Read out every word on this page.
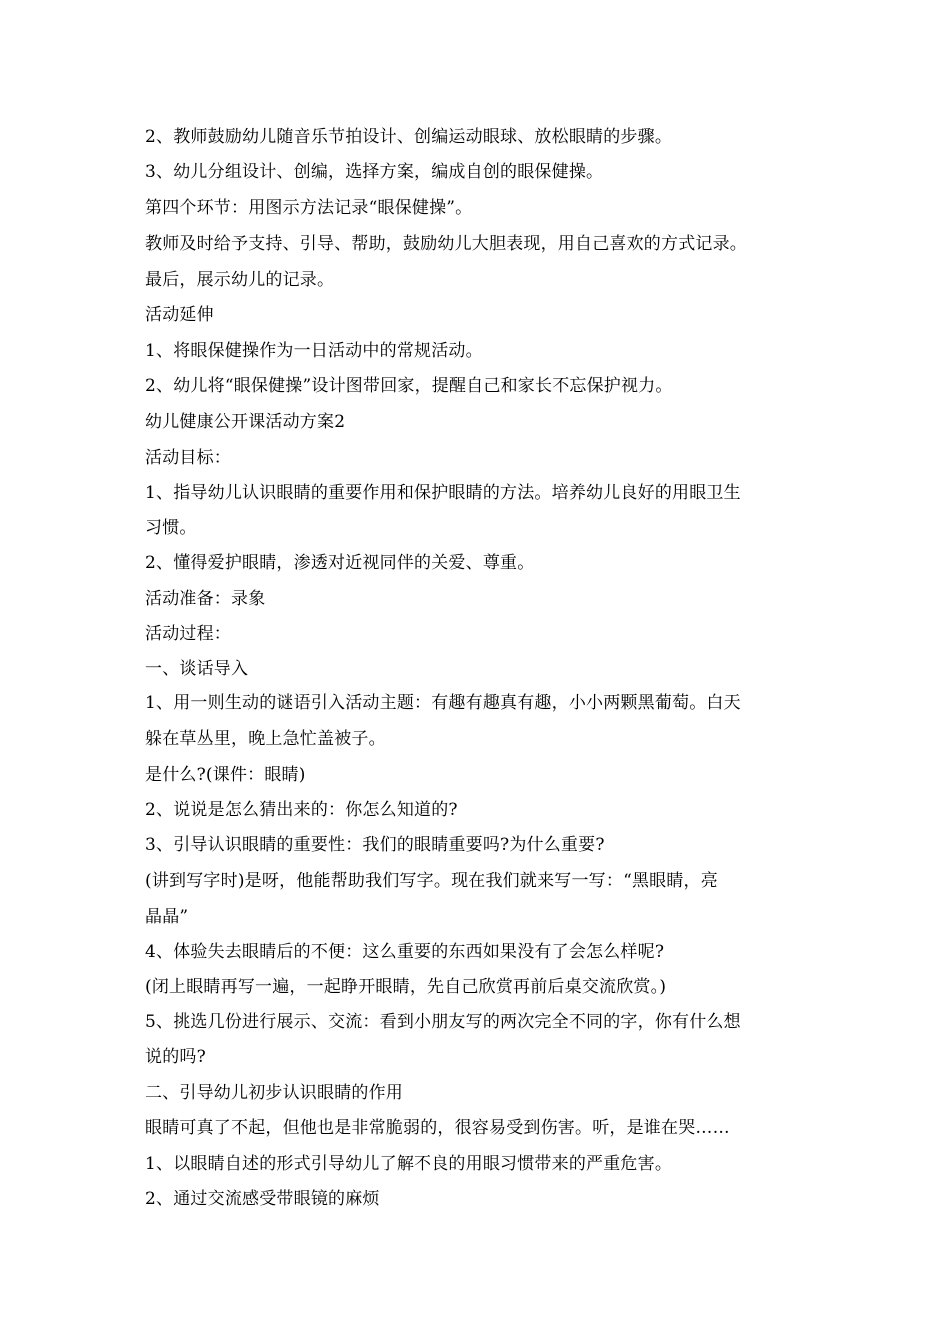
2、教师鼓励幼儿随音乐节拍设计、创编运动眼球、放松眼睛的步骤。
3、幼儿分组设计、创编，选择方案，编成自创的眼保健操。
第四个环节：用图示方法记录“眼保健操”。
教师及时给予支持、引导、帮助，鼓励幼儿大胆表现，用自己喜欢的方式记录。
最后，展示幼儿的记录。
活动延伸
1、将眼保健操作为一日活动中的常规活动。
2、幼儿将“眼保健操”设计图带回家，提醒自己和家长不忘保护视力。
幼儿健康公开课活动方案2
活动目标：
1、指导幼儿认识眼睛的重要作用和保护眼睛的方法。培养幼儿良好的用眼卫生
习惯。
2、懂得爱护眼睛，渗透对近视同伴的关爱、尊重。
活动准备：录象
活动过程：
一、谈话导入
1、用一则生动的谜语引入活动主题：有趣有趣真有趣，小小两颗黑葡萄。白天
躲在草丛里，晚上急忙盖被子。
是什么?(课件：眼睛)
2、说说是怎么猜出来的：你怎么知道的?
3、引导认识眼睛的重要性：我们的眼睛重要吗?为什么重要?
(讲到写字时)是呀，他能帮助我们写字。现在我们就来写一写：“黑眼睛，亮
晶晶”
4、体验失去眼睛后的不便：这么重要的东西如果没有了会怎么样呢?
(闭上眼睛再写一遍，一起睁开眼睛，先自己欣赏再前后桌交流欣赏。)
5、挑选几份进行展示、交流：看到小朋友写的两次完全不同的字，你有什么想
说的吗?
二、引导幼儿初步认识眼睛的作用
眼睛可真了不起，但他也是非常脆弱的，很容易受到伤害。听，是谁在哭……
1、以眼睛自述的形式引导幼儿了解不良的用眼习惯带来的严重危害。
2、通过交流感受带眼镜的麻烦
